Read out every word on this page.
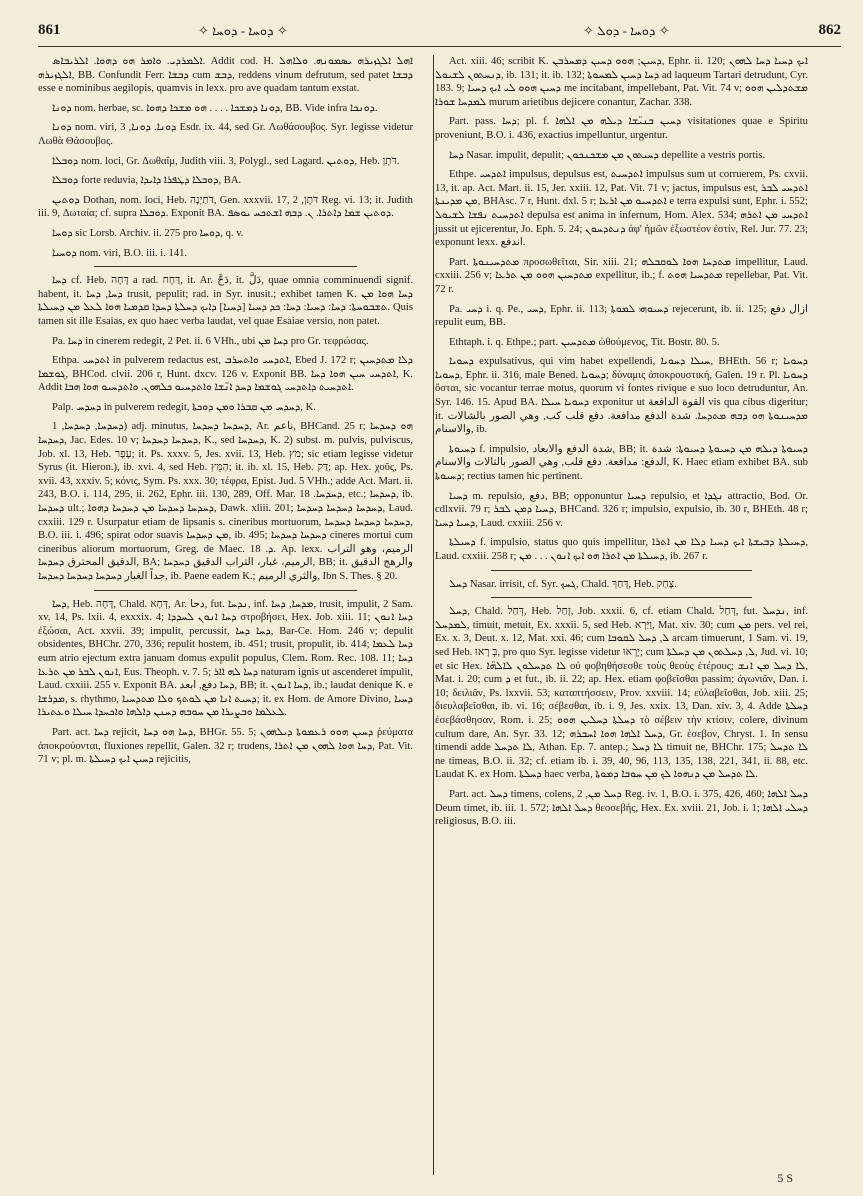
861	✧ ܕܘܚܐ - ܕܘܚܐ ✧	✧ ܕܘܚܐ - ܕܘܠ ✧	862

ܐܠܡܪܕܝ. ܘܐܡܪ ܗܘ ܕܗܘܐ. ܐܠܪܝܒܐܣ. Addit cod. H. ܐܗܠ ܐܠܓܙܝܪܗ ܝܣܡܘܢܗ. ܘܠܐܗܠ ܐܠܓܙܝܪܗ, BB. Confundit Ferr. ܕܒܫܐ cum ܕܒܫ, reddens vinum defrutum, sed patet ܕܒܫܐ esse e nominibus aegilopis, quamvis in lexx. pro ave quadam tantum exstat.

ܕܘܢܐ nom. herbae, sc. ܕܘܢܐ ܕܡܫܟܐ . . . . ܗܘ ܡܫܟܐ ܕܗܘܐ, BB. Vide infra ܕܘܢܟܐ.

ܕܘܢܐ nom. viri, ܕܘܢܐ. ܕܘܢܐ, 3 Esdr. ix. 44, sed Gr. Λωθάσουβος. Syr. legisse videtur Λωθὰ Θάσουβος.

ܕܘܒܠܐ nom. loci, Gr. Δωθαΐμ, Judith viii. 3, Polygl., sed Lagard. ܕܘܬܝܢ, Heb. דֹּתָן.

ܕܘܒܠܐ forte reduvia, ܕܘܒܠܐ ܕܛܦܪܐ ܕܐܝܕܐ, BA.

ܕܘܬܝܢ Dothan, nom. loci, Heb. דֹּתַיְנָה, Gen. xxxvii. 17, דֹּתָן, 2 Reg. vi. 13; it. Judith iii. 9, Δωταία; cf. supra ܕܘܒܠܐ. Exponit BA. ܕܘܬܝܢ ܫܡܐ ܕܐܬܪܐ. ܢ. ܕܒܗ ܐܫܬܟܚ ܝܘܣܦ.

ܕܘܚܐ sic Lorsb. Archiv. ii. 275 pro ܕܘܚܐ, q. v.

ܕܘܚܝܐ nom. viri, B.O. iii. i. 141.

ܕܚܐ cf. Heb. דָּחָה a rad. דַּחָח, it. Ar. دَحَّ, it. دَلَّ, quae omnia comminuendi signif. habent, it. ܕܚܐ, ܕܚܐ trusit, pepulit; rad. in Syr. inusit.; exhibet tamen K. ܕܚܐ ܗܘܐ ܡܢ ܬܫܒܘܚܬܐ: ܕܚܐ: ܕܚܝܐ: ܕܚܐ: ܟܕ ܕܚܝܐ [ܕܚܝܐ] ܕܐܝܟ ܕܚܠܬܐ ܕܚܕܐ ܩܕܡܝܐ ܗܘܐ ܠܥܠ ܡܢ ܕܚܝܠܬܐ. Quis tamen sit ille Esaias, ex quo haec verba laudat, vel quae Esaiae versio, non patet.

Pa. ܕܚܐ in cinerem redegit, 2 Pet. ii. 6 VHh., ubi ܕܚܐ ܡܢ pro Gr. τεφρώσας.

Ethpa. ܐܬܕܚܝ in pulverem redactus est, ܐܬܕܚܝ ܘܐܬܚܪܒ, Ebed J. 172 r; ܕܠܐ ܡܬܕܚܝܢ ܓܘܫܡܐ, BHCod. clvii. 206 r, Hunt. dxcv. 126 v. Exponit BB. ܐܬܕܚܝ ܚܝܢ ܗܘܐ ܕܚܐ, K. Addit ܐܬܕܚܝܬ ܕܐܬܕܚܝ ܓܘܫܡܐ ܕܚܕ ܐܢ̈ܫܐ ܘܐܬܕܚܝܘ ܟܠܗܘܢ. ܘܐܬܕܚܝܘ ܗܘܐ ܗܒܐ.

Palp. ܕܚܕܚ in pulverem redegit, ܕܚܕܚ ܡܢ ܩܒܪܐ ܘܡܢ ܕܘܟܬܐ, K.

ܕܚܕܚܐ, ܕܚܕܚܐ, 1) adj. minutus, ܕܚܕܚܐ ܕܚܕܚܐ, Ar. ناعم, BHCand. 25 r; ܗܘ ܕܚܕܚܐ ܕܚܕܚܐ, Jac. Edes. 10 v; ܕܚܕܚܐ ܕܚܕܚܐ, K., sed ܕܚܕܚܐ, K. 2) subst. m. pulvis, pulviscus, Job. xl. 13, Heb. עָפָר; it. Ps. xxxv. 5, Jes. xvii. 13, Heb. מֹץ; sic etiam legisse videtur Syrus (it. Hieron.), ib. xvi. 4, sed Heb. הַמֵּץ; it. ib. xl. 15, Heb. דַּק; ap. Hex. χοῦς, Ps. xvii. 43, xxxiv. 5; κόνις, Sym. Ps. xxx. 30; τέφρα, Epist. Jud. 5 VHh.; adde Act. Mart. ii. 243, B.O. i. 114, 295, ii. 262, Ephr. iii. 130, 289, Off. Mar. ܕܚܕܚܐ. 18, etc.; ܕܚܕܚܐ, ib. ܕܚܕܚܐ ult.; ܕܚܕܚܐ ܕܚܕܚܐ ܡܢ ܕܚܕܚܐ ܕܗܘܐ, Dawk. xliii. 201; ܕܚܕܚܐ ܕܚܕܚܐ ܕܚܕܚܐ, Laud. cxxiii. 129 r. Usurpatur etiam de lipsanis s. cineribus mortuorum, ܕܚܕܚܐ ܕܚܕܚܐ ܕܚܕܚܐ, B.O. iii. i. 496; spirat odor suavis ܡܢ ܕܚܕܚܐ, ib. 495; ܕܚܕܚܐ ܕܚܕܚܐ cineres mortui cum cineribus aliorum mortuorum, Greg. de Maec. ܕ. 18. Ap. lexx. الرميم، وهو التراب الدقيق المحترق ܕܚܕܚܐ, BA; الرميم، غبار، التراب الدقيق ܕܚܕܚܐ, BB; it. والرهج الدقيق جداً الغبار ܕܚܕܚܐ ܕܚܕܚܐ ܕܚܕܚܐ, ib. Paene eadem K.; والثري الرميم, Ibn S. Thes. § 20.

ܕܚܐ, Heb. דָּחָה, Chald. דְּחָא, Ar. دحا, fut. ܢܕܚܐ, inf. ܡܕܚܐ, ܕܚܐ, trusit, impulit, 2 Sam. xv. 14, Ps. lxii. 4, exxxix. 4; ܕܚܐ ܐܢܘܢ ܠܚܕܕܐ στροβήσει, Hex. Job. xiii. 11; ܕܚܐ ܐܢܘܢ ἐξώσαι, Act. xxvii. 39; impulit, percussit, ܕܚܐ ܕܚܐ, Bar-Ce. Hom. 246 v; depulit obsidentes, BHChr. 270, 336; repulit hostem, ib. 451; trusit, propulit, ib. 414; ܕܚܐ ܠܥܡܐ eum atrio ejectum extra januam domus expulit populus, Clem. Rom. Rec. 108. 11; ܕܚܐ ܐܢܘܢ ܠܒܪ ܡܢ ܬܪܥܐ, Eus. Theoph. v. 7. 5; ܕܚܐ ܠܗ ܐܐܪ naturam ignis ut ascenderet impulit, Laud. cxxiii. 255 v. Exponit BA. ܕܚܐ دفع, ابعد, BB; it. ܕܚܐ ܐܢܘܢ, ib.; laudat denique K. e ܡܕܪܫܐ, s. rhythmo, ܕܚܝܬ ܐܢܐ ܡܢ ܠܘܬܟ ܘܠܐ ܡܬܕܚܝܐ; it. ex Hom. de Amore Divino, ܕܚܝܐ ܠܥܠܡܐ ܘܒܨܝܪܐ ܡܢ ܚܘܒܗ ܕܚܢܢ ܕܐܠܗܐ ܘܐܟܚܕܐ ܚܝܠܐ ܘܥܬܝܪܐ.

Part. act. ܕܚܐ rejicit, ܕܚܐ ܗܘ ܕܚܐ, BHGr. 55. 5; ܕܚܝܢ ܗܘܘ ܪܥܡܘܬܐ ܕܝܠܗܘܢ ῥεύματα ἀποκρούονται, fluxiones repellit, Galen. 32 r; trudens, ܕܚܐ ܗܘܐ ܠܗܘܢ ܡܢ ܐܬܪܐ, Pat. Vit. 71 v; pl. m. ܕܚܝܢ ܐܝܟ ܕܚܝܠܬܐ rejicitis,

Act. xiii. 46; scribit K. ܕܚܝܢ; ܗܘܘ ܕܚܝܢ ܕܡܚܪܒܢ, Ephr. ii. 120; ܐܝܟ ܕܚܝܐ ܕܚܐ ܠܗܘܢ ܕܢܚܬܘܢ ܠܫܝܘܠ, ib. 131; it. ib. 132; ܕܚܐ ܕܚܝܢ ܠܡܚܘܬܐ ad laqueum Tartari detrudunt, Cyr. 183. 9; ܕܚܝܢ ܗܘܘ ܠܝ ܐܝܟ ܕܚܝܐ me incitabant, impellebant, Pat. Vit. 74 v; ܡܫܬܕܠܝܢ ܗܘܘ ܠܡܕܚܐ ܫܘܪܐ murum arietibus dejicere conantur, Zachar. 338.

Part. pass. ܕܚܐ; pl. f. ܕܚܝܢ ܒܢܝ̈ܫܐ ܕܝܠܗ ܡܢ ܐܠܗܐ visitationes quae e Spiritu proveniunt, B.O. i. 436, exactius impelluntur, urgentur.

ܕܚܐ Nasar. impulit, depulit; ܕܚܝܬܘܢ ܡܢ ܡܫܟܢܟܘܢ depellite a vestris portis.

Ethpe. ܐܬܕܚܝ impulsus, depulsus est, ܐܬܕܚܝܬ impulsus sum ut corruerem, Ps. cxvii. 13, it. ap. Act. Mart. ii. 15, Jer. xxiii. 12, Pat. Vit. 71 v; jactus, impulsus est, ܐܬܕܚܝ ܠܒܪ ܡܢ ܡܕܝܢܬܐ, BHAsc. 7 r, Hunt. dxl. 5 r; ܐܬܕܚܝܘ ܡܢ ܐܪܥܐ e terra expulsi sunt, Ephr. i. 552; ܐܬܕܚܝܬ ܢܦܫܐ ܠܫܝܘܠ depulsa est anima in infernum, Hom. Alex. 534; ܐܬܕܚܝ ܡܢ ܐܬܪܗ jussit ut ejicerentur, Jo. Eph. 5. 24; ܕܢܬܕܚܘܢ ἀφ' ἡμῶν ἐξωστέον ἐστίν, Rel. Jur. 77. 23; exponunt lexx. اندفع.

Part. ܡܬܕܚܝܢܘܬܐ προσωθεῖται, Sir. xiii. 21; ܡܬܕܚܐ ܗܘܐ ܠܘܩܒܠܗ impellitur, Laud. cxxiii. 256 v; ܡܬܕܚܝܢ ܗܘܘ ܡܢ ܬܪܥܐ expellitur, ib.; f. ܡܬܕܚܝܐ ܗܘܬ repellebar, Pat. Vit. 72 r.

Pa. ܕܚܝ i. q. Pe., ܕܚܝ, Ephr. ii. 113; ܕܚܝܘܗܝ ܠܡܘܬܐ rejecerunt, ib. ii. 125; ازال دفع repulit eum, BB.

Ethtaph. i. q. Ethpe.; part. ܡܬܕܚܝܢ ὠθούμενος, Tit. Bostr. 80. 5.

ܕܚܘܝܐ expulsativus, qui vim habet expellendi, ܚܝܠܐ ܕܚܘܝܐ, BHEth. 56 r; ܕܚܘܝܐ ܕܚܘܝܐ, Ephr. ii. 316, male Bened. ܕܚܘܝܐ; δύναμις ἀποκρουστική, Galen. 19 r. Pl. ܕܚܘܝܐ ὄσται, sic vocantur terrae motus, quorum vi fontes rivique e suo loco detruduntur, An. Syr. 146. 15. Apud BA. ܕܚܘܝܐ ܚܝܠܐ exponitur ut القوة الدافعة vis qua cibus digeritur; it. ܡܕܚܝܢܘܬܐ ܗܘ ܕܒܗ ܡܬܕܚܐ. شدة الدفع مدافعة. دفع قلب كب, وهي الصور بالشالات والاسنام, ib.

ܕܚܝܘܬܐ f. impulsio, شدة الدفع والابعاد, BB; it. ܕܚܝܘܬܐ ܕܝܠܗ ܡܢ ܕܚܝܘܬܐ ܕܚܝܘܬܐ: شدة الدفع: مدافعة. دفع قلب, وهي الصور بالتالات والاسنام, K. Haec etiam exhibet BA. sub ܕܚܝܘܬܐ; rectius tamen hic pertinent.

ܕܚܝܐ m. repulsio, دفع, BB; opponuntur ܕܚܝܐ repulsio, et ܢܓܕܐ attractio, Bod. Or. cdlxvii. 79 r; ܕܚܝܐ ܕܡܢ ܠܒܪ, BHCand. 326 r; impulsio, expulsio, ib. 30 r, BHEth. 48 r; ܕܚܝܐ ܕܚܝܐ, Laud. cxxiii. 256 v.

ܕܚܝܠܬܐ f. impulsio, status quo quis impellitur, ܕܚܝܠܬܐ ܕܒܝܫܬܐ ܐܝܟ ܕܚܝܐ ܕܠܐ ܡܢ ܐܬܪܐ, Laud. cxxiii. 258 r; ܕܚܝܠܬܐ ܡܢ ܐܬܪܐ ܗܘ ܐܝܟ ܐܢܘܢ . . . ܡܢ, ib. 267 r.

ܕܚܠ Nasar. irrisit, cf. Syr. ܓܚܟ, Chald. דְּחַךְ, Heb. צָחַק.

ܕܚܠ, Chald. דְּחַל, Heb. זָחַל, Job. xxxii. 6, cf. etiam Chald. דְּחַל, fut. ܢܕܚܠ, inf. ܠܡܕܚܠ, timuit, metuit, Ex. xxxii. 5, sed Heb. וַיַּרְא, Mat. xiv. 30; cum ܡܢ pers. vel rei, Ex. x. 3, Deut. x. 12, Mat. xxi. 46; cum ܠ, ܕܚܠ ܠܩܘܒܐ arcam timuerunt, 1 Sam. vi. 19, sed Heb. בְּ רָאוּ, pro quo Syr. legisse videtur יָרְאוּ; cum ܠ, ܕܚܠܬܘܢ ܡܢ ܕܚܠܬܐ, Jud. vi. 10; et sic Hex. ܠܐ ܬܕܚܠܘܢ ܠܐܠܗ̈ܐ οὐ φοβηθήσεσθε τοὺς θεοὺς ἑτέρους; ܠܐ ܕܚܠ ܡܢ ܐܢܫ, Mat. i. 20; cum ܕ et fut., ib. ii. 22; ap. Hex. etiam φοβεῖσθαι passim; ἀγωνιᾶν, Dan. i. 10; δειλιᾶν, Ps. lxxvii. 53; καταπτήσσειν, Prov. xxviii. 14; εὐλαβεῖσθαι, Job. xiii. 25; διευλαβεῖσθαι, ib. vi. 16; σέβεσθαι, ib. i. 9, Jes. xxix. 13, Dan. xiv. 3, 4. Adde ܕܚܠܬܐ ἐσεβάσθησαν, Rom. i. 25; ܕܚܠܬܐ ܕܚܠܝܢ ܗܘܘ τὸ σέβειν τὴν κτίσιν, colere, divinum cultum dare, An. Syr. 33. 12; ܕܚܠ ܐܠܗܐ ܗܘܐ ܐܚܒܪܗ, Gr. ἐσεβον, Chryst. 1. In sensu timendi adde ܠܐ ܬܕܚܠ, Athan. Ep. 7. antep.; ܠܐ ܕܚܠ timuit ne, BHChr. 175; ܠܐ ܬܕܚܠ ne timeas, B.O. ii. 32; cf. etiam ib. i. 39, 40, 96, 113, 135, 138, 221, 341, ii. 88, etc. Laudat K. ex Hom. ܕܚܠܬܐ haec verba, ܠܐ ܬܕܚܠ ܡܢ ܕܢܗܘܐ ܠܟ ܡܢ ܚܘܒܐ ܕܡܘܬܐ.

Part. act. ܕܚܠ timens, colens, ܕܚܠ ܡܢ, 2 Reg. iv. 1, B.O. i. 375, 426, 460; ܕܚܠ ܐܠܗܐ Deum timet, ib. iii. 1. 572; ܕܚܠ ܐܠܗܐ θεοσεβής, Hex. Ex. xviii. 21, Job. i. 1; ܕܚܠܝ ܐܠܗܐ religiosus, B.O. iii.

5 S
